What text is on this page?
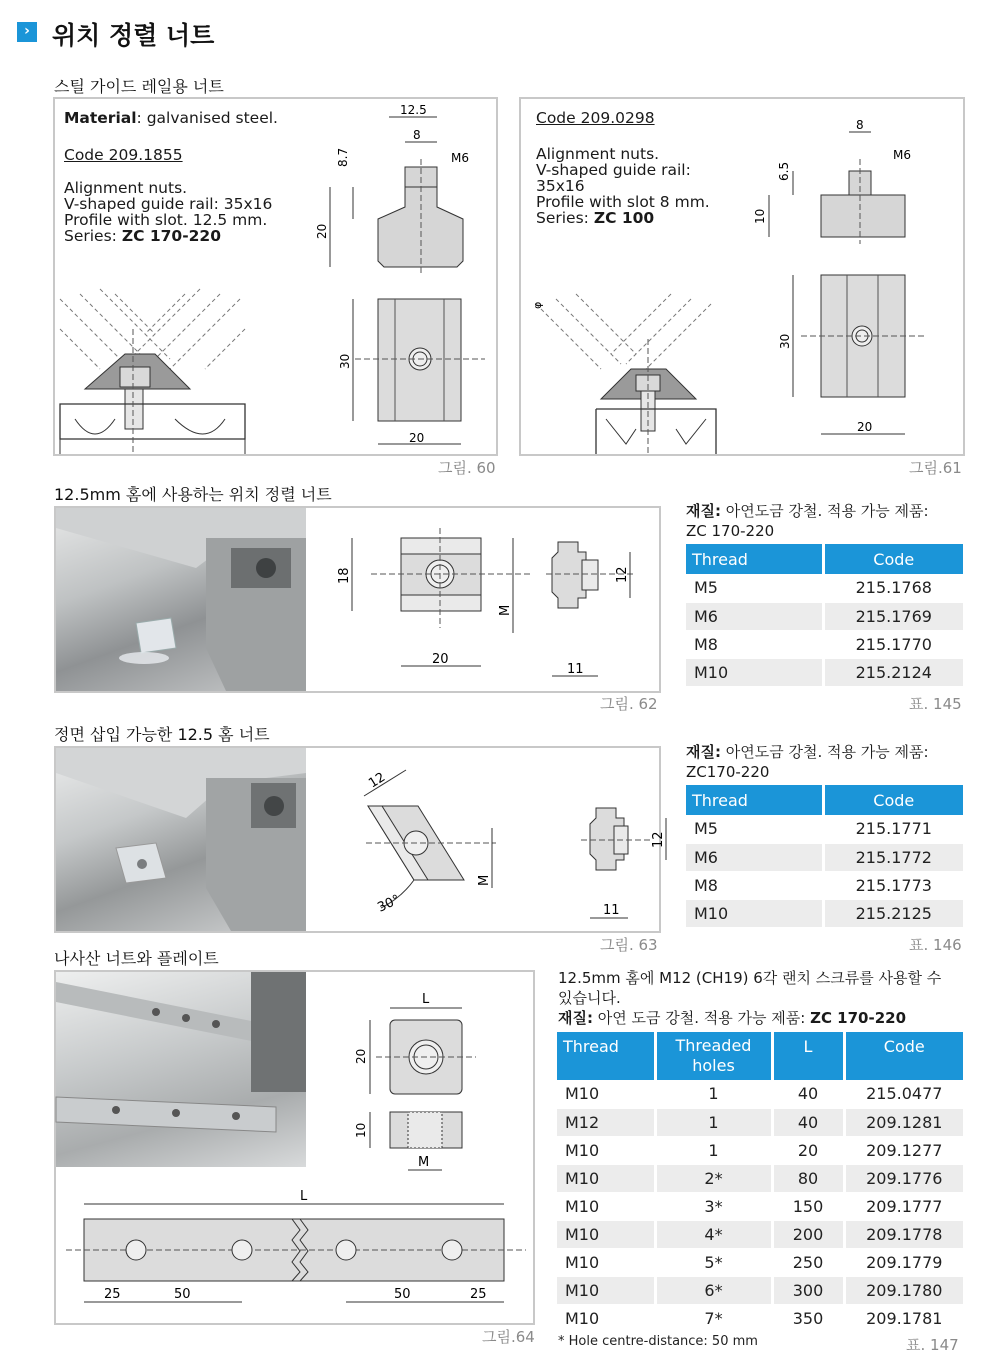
› 위치 정렬 너트
스틸 가이드 레일용 너트
Material: galvanised steel.
Code 209.1855
Alignment nuts.
V-shaped guide rail: 35x16
Profile with slot. 12.5 mm.
Series: ZC 170-220
12.5
8
M6
8.7
20
30
20
그림. 60
Code 209.0298
Alignment nuts.
V-shaped guide rail:
35x16
Profile with slot 8 mm.
Series: ZC 100
φ
8
M6
6.5
10
30
20
그림.61
12.5mm 홈에 사용하는 위치 정렬 너트
18
20
M
12
11
그림. 62
재질: 아연도금 강철. 적용 가능 제품:
ZC 170-220
Thread	Code
M5	215.1768
M6	215.1769
M8	215.1770
M10	215.2124
표. 145
정면 삽입 가능한 12.5 홈 너트
12
30°
M
12
11
그림. 63
재질: 아연도금 강철. 적용 가능 제품:
ZC170-220
Thread	Code
M5	215.1771
M6	215.1772
M8	215.1773
M10	215.2125
표. 146
나사산 너트와 플레이트
L
20
10
M
L
25	50	50	25
그림.64
12.5mm 홈에 M12 (CH19) 6각 랜치 스크류를 사용할 수
있습니다.
재질: 아연 도금 강철. 적용 가능 제품: ZC 170-220
Thread	Threaded holes	L	Code
M10	1	40	215.0477
M12	1	40	209.1281
M10	1	20	209.1277
M10	2*	80	209.1776
M10	3*	150	209.1777
M10	4*	200	209.1778
M10	5*	250	209.1779
M10	6*	300	209.1780
M10	7*	350	209.1781
* Hole centre-distance: 50 mm	표. 147
